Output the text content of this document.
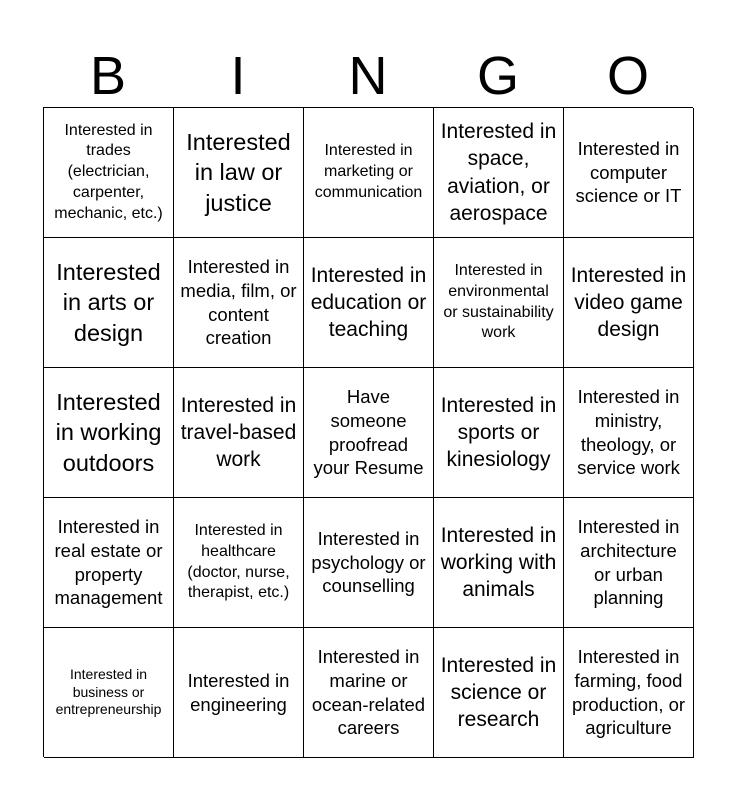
B	I	N	G	O
Interested in trades (electrician, carpenter, mechanic, etc.)
Interested in law or justice
Interested in marketing or communication
Interested in space, aviation, or aerospace
Interested in computer science or IT
Interested in arts or design
Interested in media, film, or content creation
Interested in education or teaching
Interested in environmental or sustainability work
Interested in video game design
Interested in working outdoors
Interested in travel-based work
Have someone proofread your Resume
Interested in sports or kinesiology
Interested in ministry, theology, or service work
Interested in real estate or property management
Interested in healthcare (doctor, nurse, therapist, etc.)
Interested in psychology or counselling
Interested in working with animals
Interested in architecture or urban planning
Interested in business or entrepreneurship
Interested in engineering
Interested in marine or ocean-related careers
Interested in science or research
Interested in farming, food production, or agriculture
